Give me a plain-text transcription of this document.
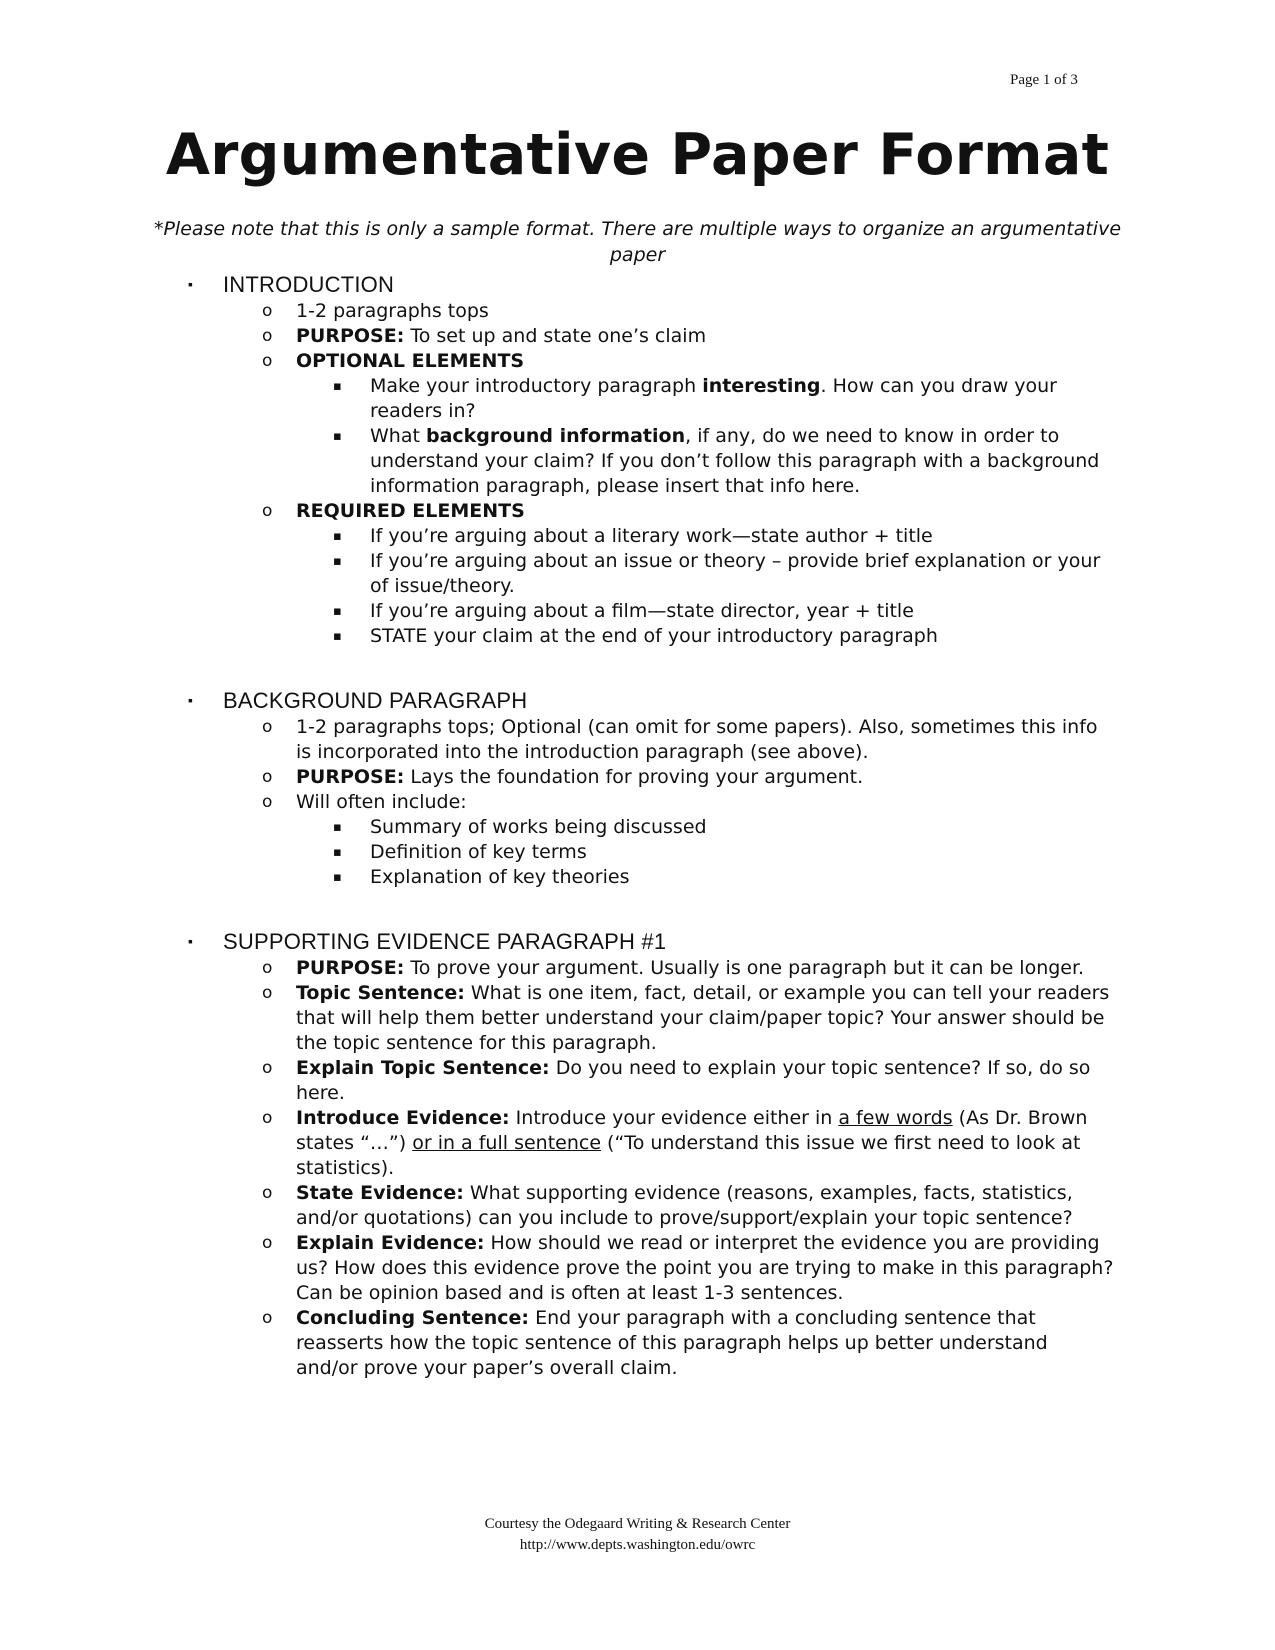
Page 1 of 3
Argumentative Paper Format
*Please note that this is only a sample format. There are multiple ways to organize an argumentative paper
▪ INTRODUCTION
o 1-2 paragraphs tops
o PURPOSE: To set up and state one’s claim
o OPTIONAL ELEMENTS
▪ Make your introductory paragraph interesting. How can you draw your readers in?
▪ What background information, if any, do we need to know in order to understand your claim? If you don’t follow this paragraph with a background information paragraph, please insert that info here.
o REQUIRED ELEMENTS
▪ If you’re arguing about a literary work—state author + title
▪ If you’re arguing about an issue or theory – provide brief explanation or your of issue/theory.
▪ If you’re arguing about a film—state director, year + title
▪ STATE your claim at the end of your introductory paragraph
▪ BACKGROUND PARAGRAPH
o 1-2 paragraphs tops; Optional (can omit for some papers). Also, sometimes this info is incorporated into the introduction paragraph (see above).
o PURPOSE: Lays the foundation for proving your argument.
o Will often include:
▪ Summary of works being discussed
▪ Definition of key terms
▪ Explanation of key theories
▪ SUPPORTING EVIDENCE PARAGRAPH #1
o PURPOSE: To prove your argument. Usually is one paragraph but it can be longer.
o Topic Sentence: What is one item, fact, detail, or example you can tell your readers that will help them better understand your claim/paper topic? Your answer should be the topic sentence for this paragraph.
o Explain Topic Sentence: Do you need to explain your topic sentence? If so, do so here.
o Introduce Evidence: Introduce your evidence either in a few words (As Dr. Brown states “…”) or in a full sentence (“To understand this issue we first need to look at statistics).
o State Evidence: What supporting evidence (reasons, examples, facts, statistics, and/or quotations) can you include to prove/support/explain your topic sentence?
o Explain Evidence: How should we read or interpret the evidence you are providing us? How does this evidence prove the point you are trying to make in this paragraph? Can be opinion based and is often at least 1-3 sentences.
o Concluding Sentence: End your paragraph with a concluding sentence that reasserts how the topic sentence of this paragraph helps up better understand and/or prove your paper’s overall claim.
Courtesy the Odegaard Writing & Research Center
http://www.depts.washington.edu/owrc
